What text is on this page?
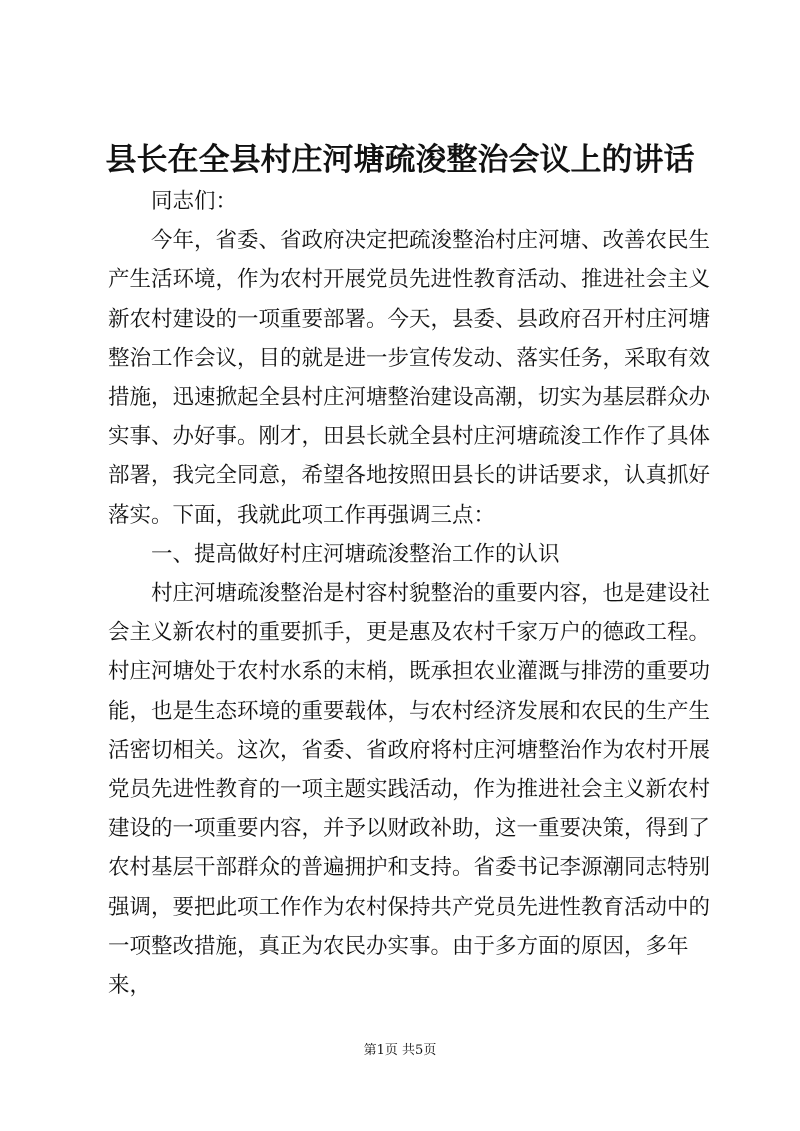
县长在全县村庄河塘疏浚整治会议上的讲话

同志们：

今年，省委、省政府决定把疏浚整治村庄河塘、改善农民生产生活环境，作为农村开展党员先进性教育活动、推进社会主义新农村建设的一项重要部署。今天，县委、县政府召开村庄河塘整治工作会议，目的就是进一步宣传发动、落实任务，采取有效措施，迅速掀起全县村庄河塘整治建设高潮，切实为基层群众办实事、办好事。刚才，田县长就全县村庄河塘疏浚工作作了具体部署，我完全同意，希望各地按照田县长的讲话要求，认真抓好落实。下面，我就此项工作再强调三点：

一、提高做好村庄河塘疏浚整治工作的认识

村庄河塘疏浚整治是村容村貌整治的重要内容，也是建设社会主义新农村的重要抓手，更是惠及农村千家万户的德政工程。村庄河塘处于农村水系的末梢，既承担农业灌溉与排涝的重要功能，也是生态环境的重要载体，与农村经济发展和农民的生产生活密切相关。这次，省委、省政府将村庄河塘整治作为农村开展党员先进性教育的一项主题实践活动，作为推进社会主义新农村建设的一项重要内容，并予以财政补助，这一重要决策，得到了农村基层干部群众的普遍拥护和支持。省委书记李源潮同志特别强调，要把此项工作作为农村保持共产党员先进性教育活动中的一项整改措施，真正为农民办实事。由于多方面的原因，多年来，

第1页 共5页
